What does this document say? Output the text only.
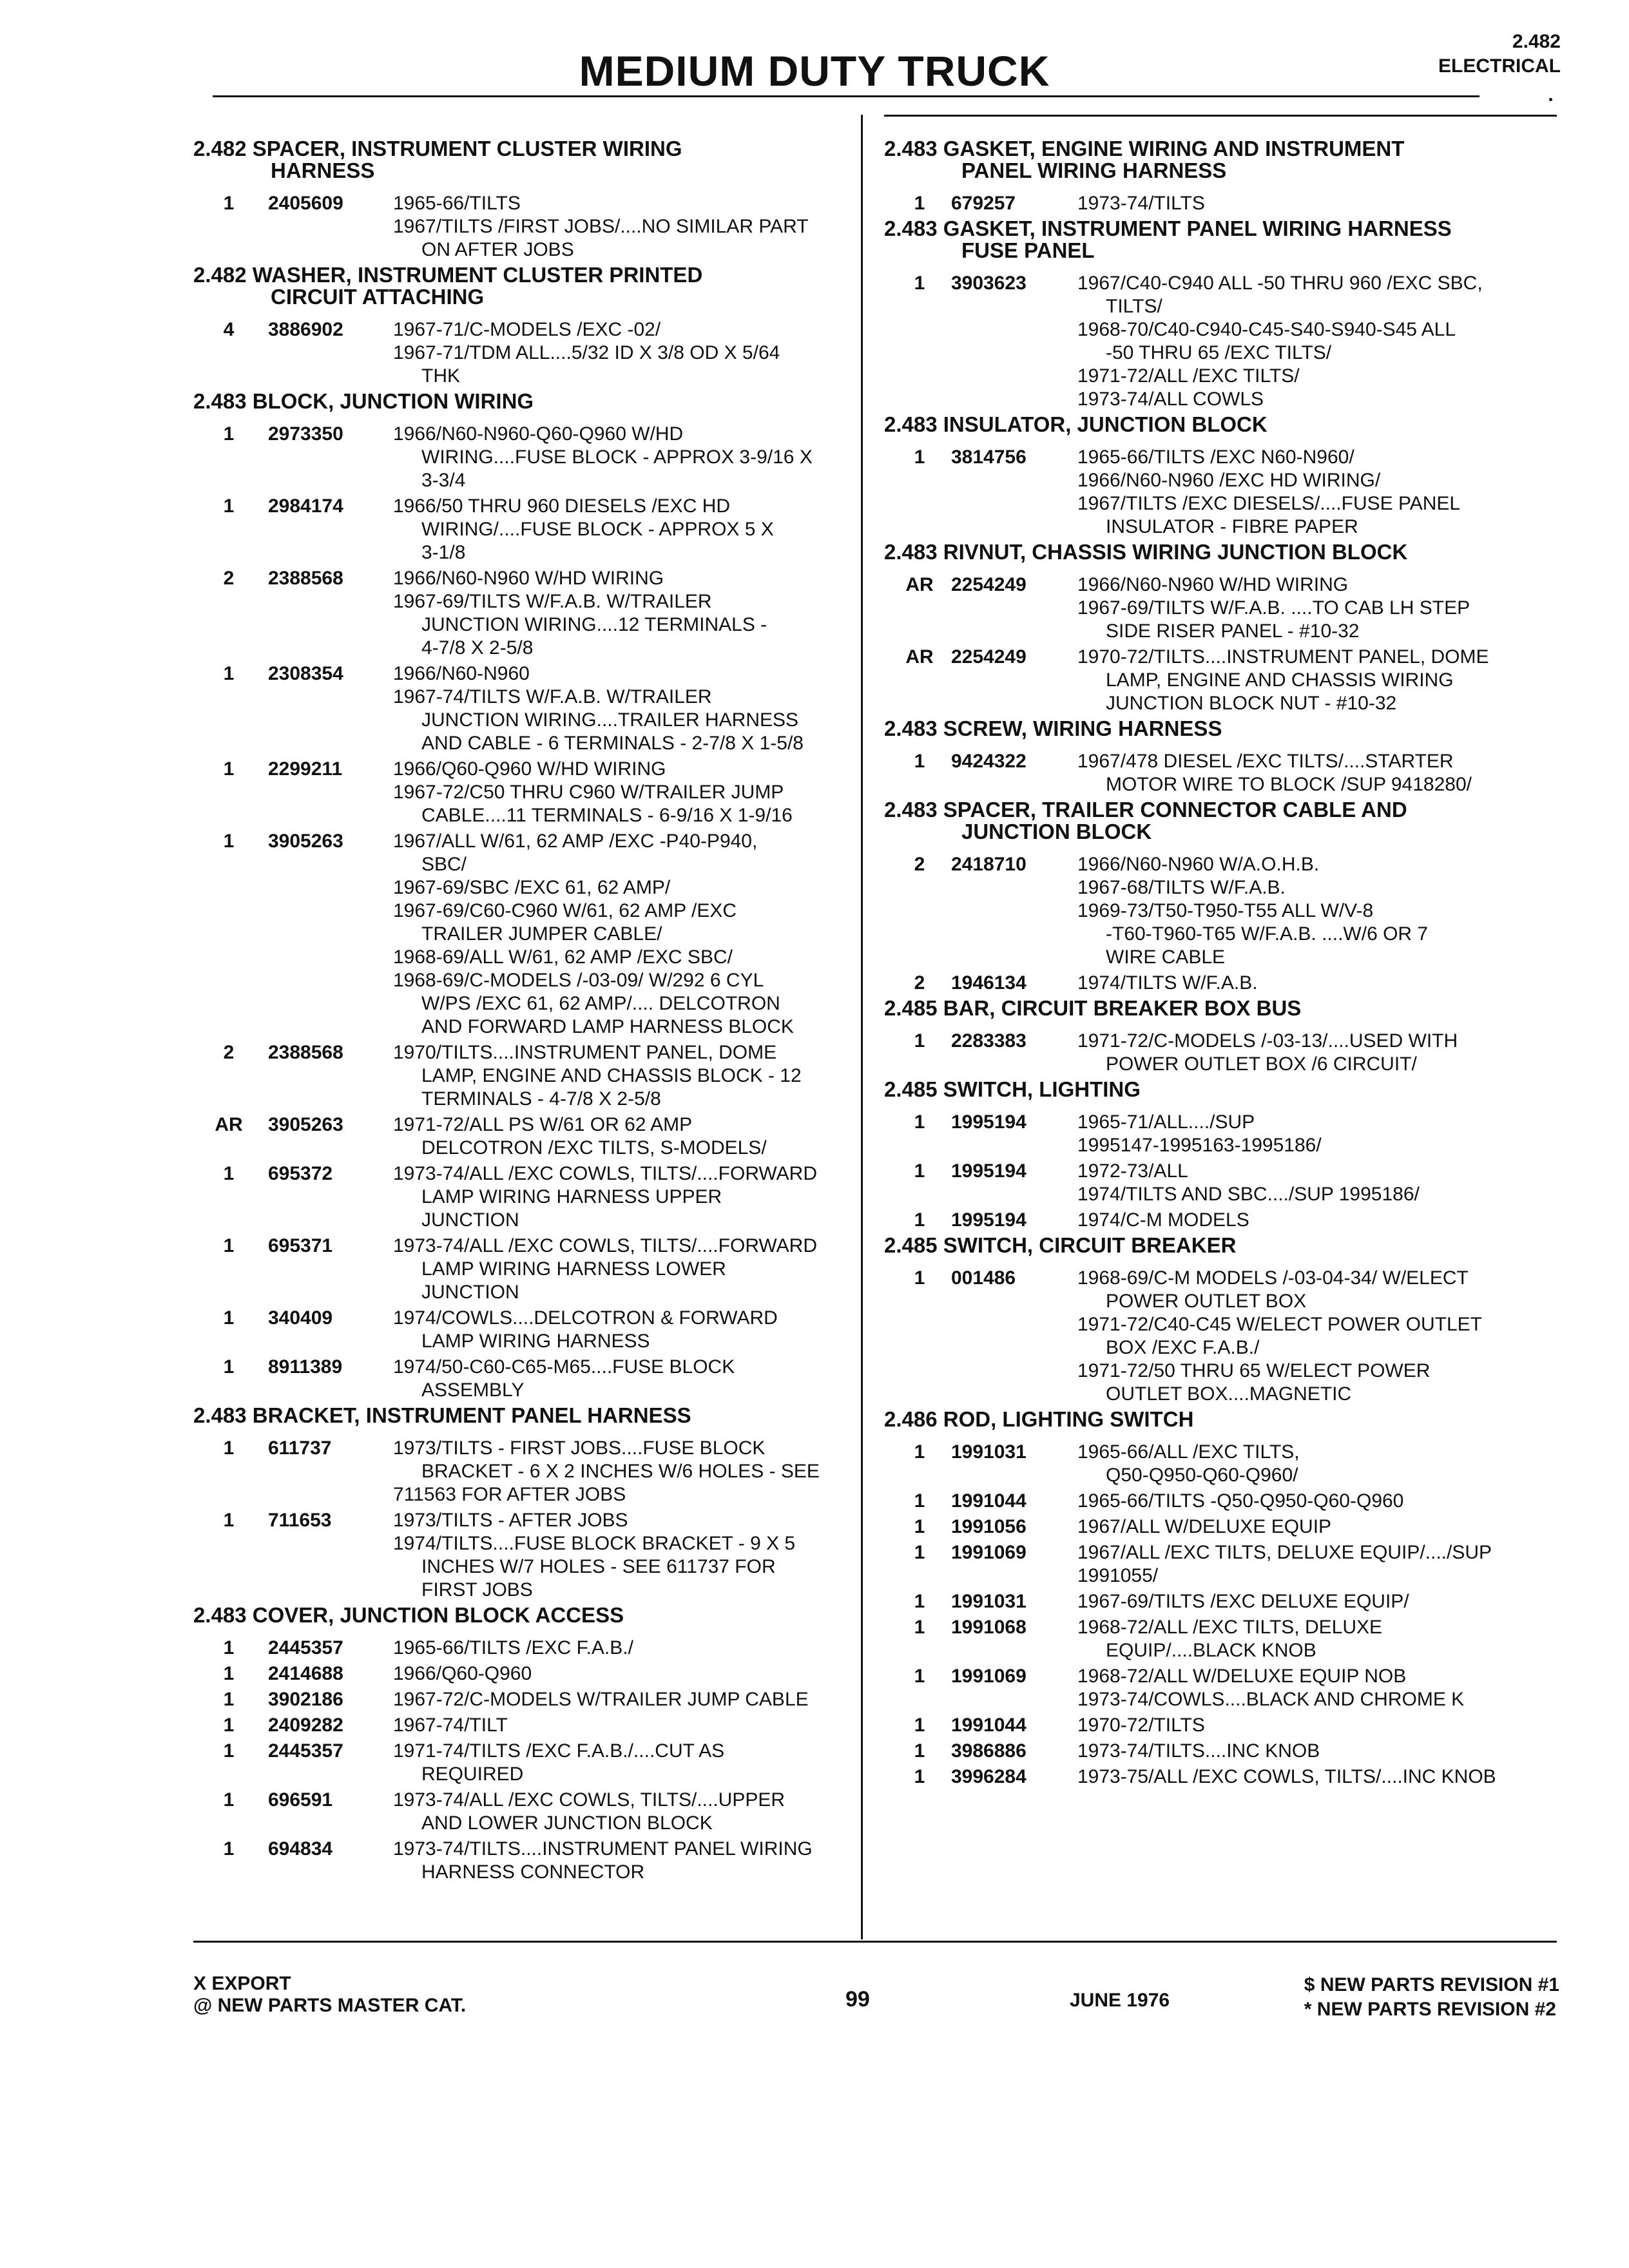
MEDIUM DUTY TRUCK
2.482
ELECTRICAL
2.482 SPACER, INSTRUMENT CLUSTER WIRING
HARNESS
1	2405609	1965-66/TILTS
1967/TILTS /FIRST JOBS/....NO SIMILAR PART
ON AFTER JOBS
2.482 WASHER, INSTRUMENT CLUSTER PRINTED
CIRCUIT ATTACHING
4	3886902	1967-71/C-MODELS /EXC -02/
1967-71/TDM ALL....5/32 ID X 3/8 OD X 5/64
THK
2.483 BLOCK, JUNCTION WIRING
1	2973350	1966/N60-N960-Q60-Q960 W/HD
WIRING....FUSE BLOCK - APPROX 3-9/16 X
3-3/4
1	2984174	1966/50 THRU 960 DIESELS /EXC HD
WIRING/....FUSE BLOCK - APPROX 5 X
3-1/8
2	2388568	1966/N60-N960 W/HD WIRING
1967-69/TILTS W/F.A.B. W/TRAILER
JUNCTION WIRING....12 TERMINALS -
4-7/8 X 2-5/8
1	2308354	1966/N60-N960
1967-74/TILTS W/F.A.B. W/TRAILER
JUNCTION WIRING....TRAILER HARNESS
AND CABLE - 6 TERMINALS - 2-7/8 X 1-5/8
1	2299211	1966/Q60-Q960 W/HD WIRING
1967-72/C50 THRU C960 W/TRAILER JUMP
CABLE....11 TERMINALS - 6-9/16 X 1-9/16
1	3905263	1967/ALL W/61, 62 AMP /EXC -P40-P940,
SBC/
1967-69/SBC /EXC 61, 62 AMP/
1967-69/C60-C960 W/61, 62 AMP /EXC
TRAILER JUMPER CABLE/
1968-69/ALL W/61, 62 AMP /EXC SBC/
1968-69/C-MODELS /-03-09/ W/292 6 CYL
W/PS /EXC 61, 62 AMP/.... DELCOTRON
AND FORWARD LAMP HARNESS BLOCK
2	2388568	1970/TILTS....INSTRUMENT PANEL, DOME
LAMP, ENGINE AND CHASSIS BLOCK - 12
TERMINALS - 4-7/8 X 2-5/8
AR	3905263	1971-72/ALL PS W/61 OR 62 AMP
DELCOTRON /EXC TILTS, S-MODELS/
1	695372	1973-74/ALL /EXC COWLS, TILTS/....FORWARD
LAMP WIRING HARNESS UPPER
JUNCTION
1	695371	1973-74/ALL /EXC COWLS, TILTS/....FORWARD
LAMP WIRING HARNESS LOWER
JUNCTION
1	340409	1974/COWLS....DELCOTRON & FORWARD
LAMP WIRING HARNESS
1	8911389	1974/50-C60-C65-M65....FUSE BLOCK
ASSEMBLY
2.483 BRACKET, INSTRUMENT PANEL HARNESS
1	611737	1973/TILTS - FIRST JOBS....FUSE BLOCK
BRACKET - 6 X 2 INCHES W/6 HOLES - SEE
711563 FOR AFTER JOBS
1	711653	1973/TILTS - AFTER JOBS
1974/TILTS....FUSE BLOCK BRACKET - 9 X 5
INCHES W/7 HOLES - SEE 611737 FOR
FIRST JOBS
2.483 COVER, JUNCTION BLOCK ACCESS
1	2445357	1965-66/TILTS /EXC F.A.B./
1	2414688	1966/Q60-Q960
1	3902186	1967-72/C-MODELS W/TRAILER JUMP CABLE
1	2409282	1967-74/TILT
1	2445357	1971-74/TILTS /EXC F.A.B./....CUT AS
REQUIRED
1	696591	1973-74/ALL /EXC COWLS, TILTS/....UPPER
AND LOWER JUNCTION BLOCK
1	694834	1973-74/TILTS....INSTRUMENT PANEL WIRING
HARNESS CONNECTOR
2.483 GASKET, ENGINE WIRING AND INSTRUMENT
PANEL WIRING HARNESS
1	679257	1973-74/TILTS
2.483 GASKET, INSTRUMENT PANEL WIRING HARNESS
FUSE PANEL
1	3903623	1967/C40-C940 ALL -50 THRU 960 /EXC SBC,
TILTS/
1968-70/C40-C940-C45-S40-S940-S45 ALL
-50 THRU 65 /EXC TILTS/
1971-72/ALL /EXC TILTS/
1973-74/ALL COWLS
2.483 INSULATOR, JUNCTION BLOCK
1	3814756	1965-66/TILTS /EXC N60-N960/
1966/N60-N960 /EXC HD WIRING/
1967/TILTS /EXC DIESELS/....FUSE PANEL
INSULATOR - FIBRE PAPER
2.483 RIVNUT, CHASSIS WIRING JUNCTION BLOCK
AR 2254249	1966/N60-N960 W/HD WIRING
1967-69/TILTS W/F.A.B. ....TO CAB LH STEP
SIDE RISER PANEL - #10-32
AR 2254249	1970-72/TILTS....INSTRUMENT PANEL, DOME
LAMP, ENGINE AND CHASSIS WIRING
JUNCTION BLOCK NUT - #10-32
2.483 SCREW, WIRING HARNESS
1	9424322	1967/478 DIESEL /EXC TILTS/....STARTER
MOTOR WIRE TO BLOCK /SUP 9418280/
2.483 SPACER, TRAILER CONNECTOR CABLE AND
JUNCTION BLOCK
2	2418710	1966/N60-N960 W/A.O.H.B.
1967-68/TILTS W/F.A.B.
1969-73/T50-T950-T55 ALL W/V-8
-T60-T960-T65 W/F.A.B. ....W/6 OR 7
WIRE CABLE
2	1946134	1974/TILTS W/F.A.B.
2.485 BAR, CIRCUIT BREAKER BOX BUS
1	2283383	1971-72/C-MODELS /-03-13/....USED WITH
POWER OUTLET BOX /6 CIRCUIT/
2.485 SWITCH, LIGHTING
1	1995194	1965-71/ALL..../SUP
1995147-1995163-1995186/
1	1995194	1972-73/ALL
1974/TILTS AND SBC..../SUP 1995186/
1	1995194	1974/C-M MODELS
2.485 SWITCH, CIRCUIT BREAKER
1	001486	1968-69/C-M MODELS /-03-04-34/ W/ELECT
POWER OUTLET BOX
1971-72/C40-C45 W/ELECT POWER OUTLET
BOX /EXC F.A.B./
1971-72/50 THRU 65 W/ELECT POWER
OUTLET BOX....MAGNETIC
2.486 ROD, LIGHTING SWITCH
1	1991031	1965-66/ALL /EXC TILTS,
Q50-Q950-Q60-Q960/
1	1991044	1965-66/TILTS -Q50-Q950-Q60-Q960
1	1991056	1967/ALL W/DELUXE EQUIP
1	1991069	1967/ALL /EXC TILTS, DELUXE EQUIP/..../SUP
1991055/
1	1991031	1967-69/TILTS /EXC DELUXE EQUIP/
1	1991068	1968-72/ALL /EXC TILTS, DELUXE
EQUIP/....BLACK KNOB
1	1991069	1968-72/ALL W/DELUXE EQUIP NOB
1973-74/COWLS....BLACK AND CHROME K
1	1991044	1970-72/TILTS
1	3986886	1973-74/TILTS....INC KNOB
1	3996284	1973-75/ALL /EXC COWLS, TILTS/....INC KNOB
X EXPORT
@ NEW PARTS MASTER CAT.	99	JUNE 1976
$ NEW PARTS REVISION #1
* NEW PARTS REVISION #2
